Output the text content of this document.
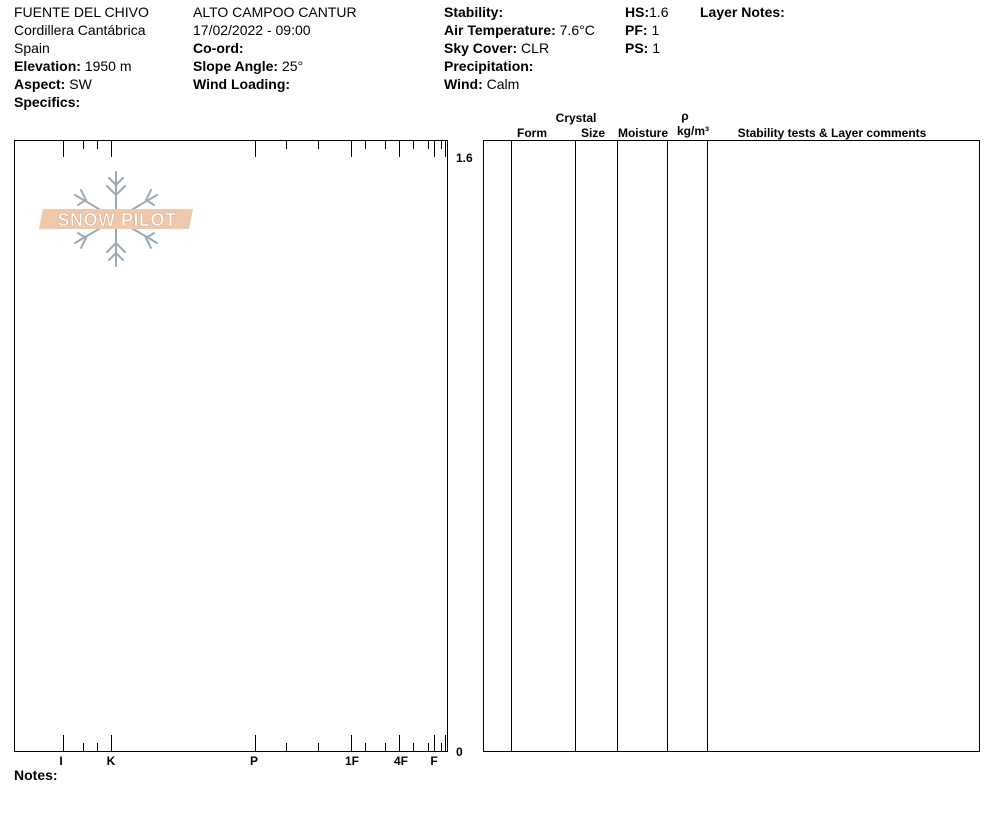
FUENTE DEL CHIVO
Cordillera Cantábrica
Spain
Elevation: 1950 m
Aspect: SW
Specifics:
ALTO CAMPOO CANTUR
17/02/2022 - 09:00
Co-ord:
Slope Angle: 25°
Wind Loading:
Stability:
Air Temperature: 7.6°C
Sky Cover: CLR
Precipitation:
Wind: Calm
HS:1.6
PF: 1
PS: 1
Layer Notes:
1.6
0
I	K	P	1F	4F F
Notes:
SNOW PILOT
Crystal
Form	Size	Moisture
ρ
kg/m³	Stability tests & Layer comments
